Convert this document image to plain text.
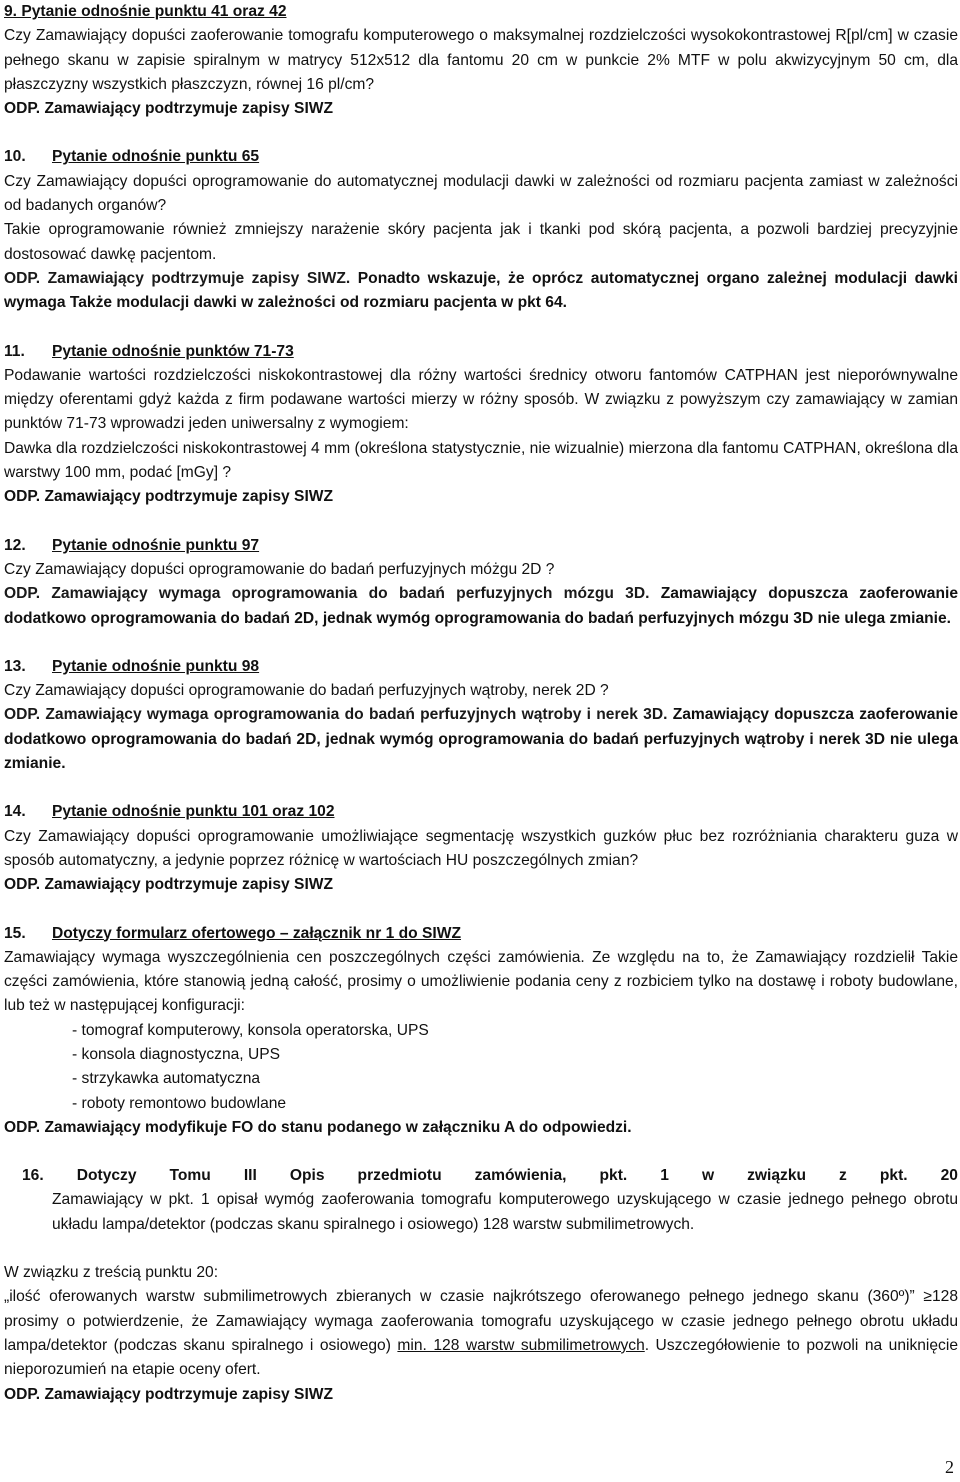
9. Pytanie odnośnie punktu 41 oraz 42

Czy Zamawiający dopuści zaoferowanie tomografu komputerowego o maksymalnej rozdzielczości wysokokontrastowej R[pl/cm] w czasie pełnego skanu w zapisie spiralnym w matrycy 512x512 dla fantomu 20 cm w punkcie 2% MTF w polu akwizycyjnym 50 cm, dla płaszczyzny wszystkich płaszczyzn, równej 16 pl/cm?

ODP. Zamawiający podtrzymuje zapisy SIWZ

10. Pytanie odnośnie punktu 65

Czy Zamawiający dopuści oprogramowanie do automatycznej modulacji dawki w zależności od rozmiaru pacjenta zamiast w zależności od badanych organów?

Takie oprogramowanie również zmniejszy narażenie skóry pacjenta jak i tkanki pod skórą pacjenta, a pozwoli bardziej precyzyjnie dostosować dawkę pacjentom.

ODP. Zamawiający podtrzymuje zapisy SIWZ. Ponadto wskazuje, że oprócz automatycznej organo zależnej modulacji dawki wymaga Także modulacji dawki w zależności od rozmiaru pacjenta w pkt 64.

11. Pytanie odnośnie punktów 71-73

Podawanie wartości rozdzielczości niskokontrastowej dla różny wartości średnicy otworu fantomów CATPHAN jest nieporównywalne między oferentami gdyż każda z firm podawane wartości mierzy w różny sposób. W związku z powyższym czy zamawiający w zamian punktów 71-73 wprowadzi jeden uniwersalny z wymogiem:

Dawka dla rozdzielczości niskokontrastowej 4 mm (określona statystycznie, nie wizualnie) mierzona dla fantomu CATPHAN, określona dla warstwy 100 mm, podać [mGy] ?

ODP. Zamawiający podtrzymuje zapisy SIWZ

12. Pytanie odnośnie punktu 97

Czy Zamawiający dopuści oprogramowanie do badań perfuzyjnych móżgu 2D ?

ODP. Zamawiający wymaga oprogramowania do badań perfuzyjnych mózgu 3D. Zamawiający dopuszcza zaoferowanie dodatkowo oprogramowania do badań 2D, jednak wymóg oprogramowania do badań perfuzyjnych mózgu 3D nie ulega zmianie.

13. Pytanie odnośnie punktu 98

Czy Zamawiający dopuści oprogramowanie do badań perfuzyjnych wątroby, nerek 2D ?

ODP. Zamawiający wymaga oprogramowania do badań perfuzyjnych wątroby i nerek 3D. Zamawiający dopuszcza zaoferowanie dodatkowo oprogramowania do badań 2D, jednak wymóg oprogramowania do badań perfuzyjnych wątroby i nerek 3D nie ulega zmianie.

14. Pytanie odnośnie punktu 101 oraz 102

Czy Zamawiający dopuści oprogramowanie umożliwiające segmentację wszystkich guzków płuc bez rozróżniania charakteru guza w sposób automatyczny, a jedynie poprzez różnicę w wartościach HU poszczególnych zmian?

ODP. Zamawiający podtrzymuje zapisy SIWZ

15. Dotyczy formularz ofertowego – załącznik nr 1 do SIWZ

Zamawiający wymaga wyszczególnienia cen poszczególnych części zamówienia. Ze względu na to, że Zamawiający rozdzielił Takie części zamówienia, które stanowią jedną całość, prosimy o umożliwienie podania ceny z rozbiciem tylko na dostawę i roboty budowlane, lub też w następującej konfiguracji:

- tomograf komputerowy, konsola operatorska, UPS
- konsola diagnostyczna, UPS
- strzykawka automatyczna
- roboty remontowo budowlane

ODP. Zamawiający modyfikuje FO do stanu podanego w załączniku A do odpowiedzi.

16. Dotyczy Tomu III Opis przedmiotu zamówienia, pkt. 1 w związku z pkt. 20

Zamawiający w pkt. 1 opisał wymóg zaoferowania tomografu komputerowego uzyskującego w czasie jednego pełnego obrotu układu lampa/detektor (podczas skanu spiralnego i osiowego) 128 warstw submilimetrowych.

W związku z treścią punktu 20:

„ilość oferowanych warstw submilimetrowych zbieranych w czasie najkrótszego oferowanego pełnego jednego skanu (360º)” ≥128 prosimy o potwierdzenie, że Zamawiający wymaga zaoferowania tomografu uzyskującego w czasie jednego pełnego obrotu układu lampa/detektor (podczas skanu spiralnego i osiowego) min. 128 warstw submilimetrowych. Uszczegółowienie to pozwoli na uniknięcie nieporozumień na etapie oceny ofert.

ODP. Zamawiający podtrzymuje zapisy SIWZ

2
